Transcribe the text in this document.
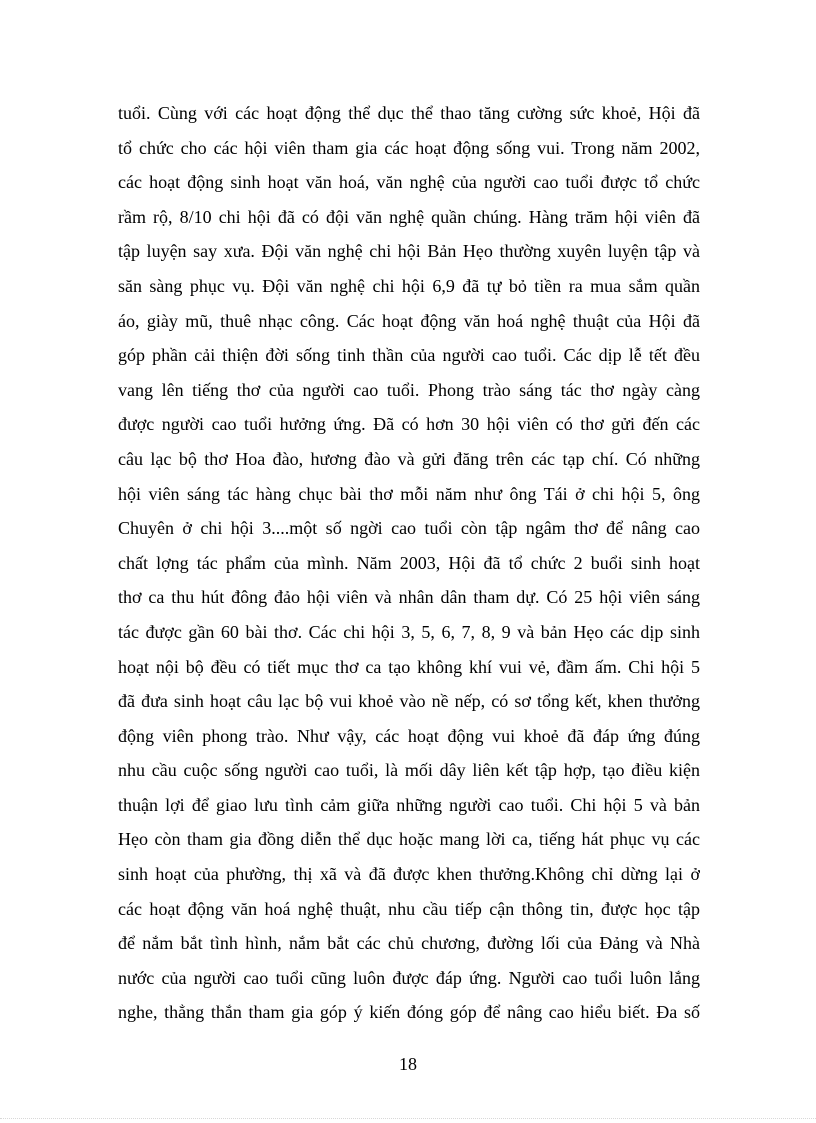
tuổi. Cùng với các hoạt động thể dục thể thao tăng cường sức khoẻ, Hội đã
tổ chức cho các hội viên tham gia các hoạt động sống vui. Trong năm 2002,
các hoạt động sinh hoạt văn hoá, văn nghệ của người cao tuổi được tổ chức
rầm rộ, 8/10 chi hội đã có đội văn nghệ quần chúng. Hàng trăm hội viên đã
tập luyện say xưa. Đội văn nghệ chi hội Bản Hẹo thường xuyên luyện tập và
săn sàng phục vụ. Đội văn nghệ chi hội 6,9 đã tự bỏ tiền ra mua sắm quần
áo, giày mũ, thuê nhạc công. Các hoạt động văn hoá nghệ thuật của Hội đã
góp phần cải thiện đời sống tinh thần của người cao tuổi. Các dịp lễ tết đều
vang lên tiếng thơ của người cao tuổi. Phong trào sáng tác thơ ngày càng
được người cao tuổi hưởng ứng. Đã có hơn 30 hội viên có thơ gửi đến các
câu lạc bộ thơ Hoa đào, hương đào và gửi đăng trên các tạp chí. Có những
hội viên sáng tác hàng chục bài thơ mỗi năm như ông Tái ở chi hội 5, ông
Chuyên ở chi hội 3....một số ngời cao tuổi còn tập ngâm thơ để nâng cao
chất lợng tác phẩm của mình. Năm 2003, Hội đã tổ chức 2 buổi sinh hoạt
thơ ca thu hút đông đảo hội viên và nhân dân tham dự. Có 25 hội viên sáng
tác được gần 60 bài thơ. Các chi hội 3, 5, 6, 7, 8, 9 và bản Hẹo các dịp sinh
hoạt nội bộ đều có tiết mục thơ ca tạo không khí vui vẻ, đầm ấm. Chi hội 5
đã đưa sinh hoạt câu lạc bộ vui khoẻ vào nề nếp, có sơ tổng kết, khen thưởng
động viên phong trào. Như vậy, các hoạt động vui khoẻ đã đáp ứng đúng
nhu cầu cuộc sống người cao tuổi, là mối dây liên kết tập hợp, tạo điều kiện
thuận lợi để giao lưu tình cảm giữa những người cao tuổi. Chi hội 5 và bản
Hẹo còn tham gia đồng diễn thể dục hoặc mang lời ca, tiếng hát phục vụ các
sinh hoạt của phường, thị xã và đã được khen thưởng.Không chỉ dừng lại ở
các hoạt động văn hoá nghệ thuật, nhu cầu tiếp cận thông tin, được học tập
để nắm bắt tình hình, nắm bắt các chủ chương, đường lối của Đảng và Nhà
nước của người cao tuổi cũng luôn được đáp ứng. Người cao tuổi luôn lắng
nghe, thẳng thắn tham gia góp ý kiến đóng góp để nâng cao hiểu biết. Đa số
18
